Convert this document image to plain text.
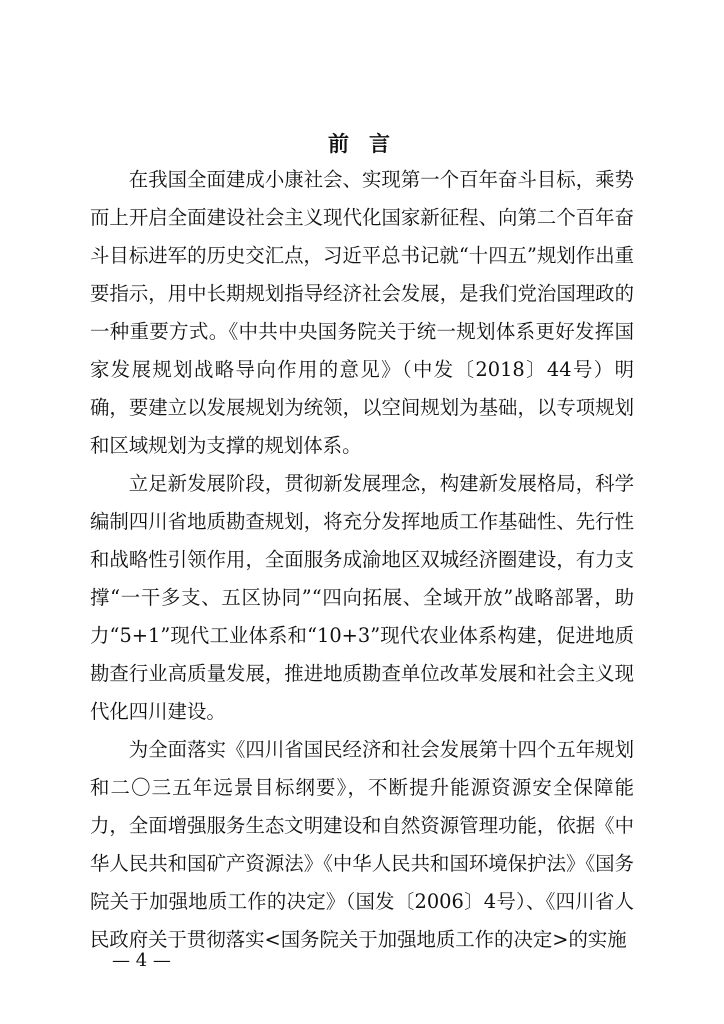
前言

在我国全面建成小康社会、实现第一个百年奋斗目标，乘势而上开启全面建设社会主义现代化国家新征程、向第二个百年奋斗目标进军的历史交汇点，习近平总书记就“十四五”规划作出重要指示，用中长期规划指导经济社会发展，是我们党治国理政的一种重要方式。《中共中央国务院关于统一规划体系更好发挥国家发展规划战略导向作用的意见》（中发〔2018〕44号）明确，要建立以发展规划为统领，以空间规划为基础，以专项规划和区域规划为支撑的规划体系。

立足新发展阶段，贯彻新发展理念，构建新发展格局，科学编制四川省地质勘查规划，将充分发挥地质工作基础性、先行性和战略性引领作用，全面服务成渝地区双城经济圈建设，有力支撑“一干多支、五区协同”“四向拓展、全域开放”战略部署，助力“5+1”现代工业体系和“10+3”现代农业体系构建，促进地质勘查行业高质量发展，推进地质勘查单位改革发展和社会主义现代化四川建设。

为全面落实《四川省国民经济和社会发展第十四个五年规划和二〇三五年远景目标纲要》，不断提升能源资源安全保障能力，全面增强服务生态文明建设和自然资源管理功能，依据《中华人民共和国矿产资源法》《中华人民共和国环境保护法》《国务院关于加强地质工作的决定》（国发〔2006〕4号）、《四川省人民政府关于贯彻落实<国务院关于加强地质工作的决定>的实施

— 4 —
